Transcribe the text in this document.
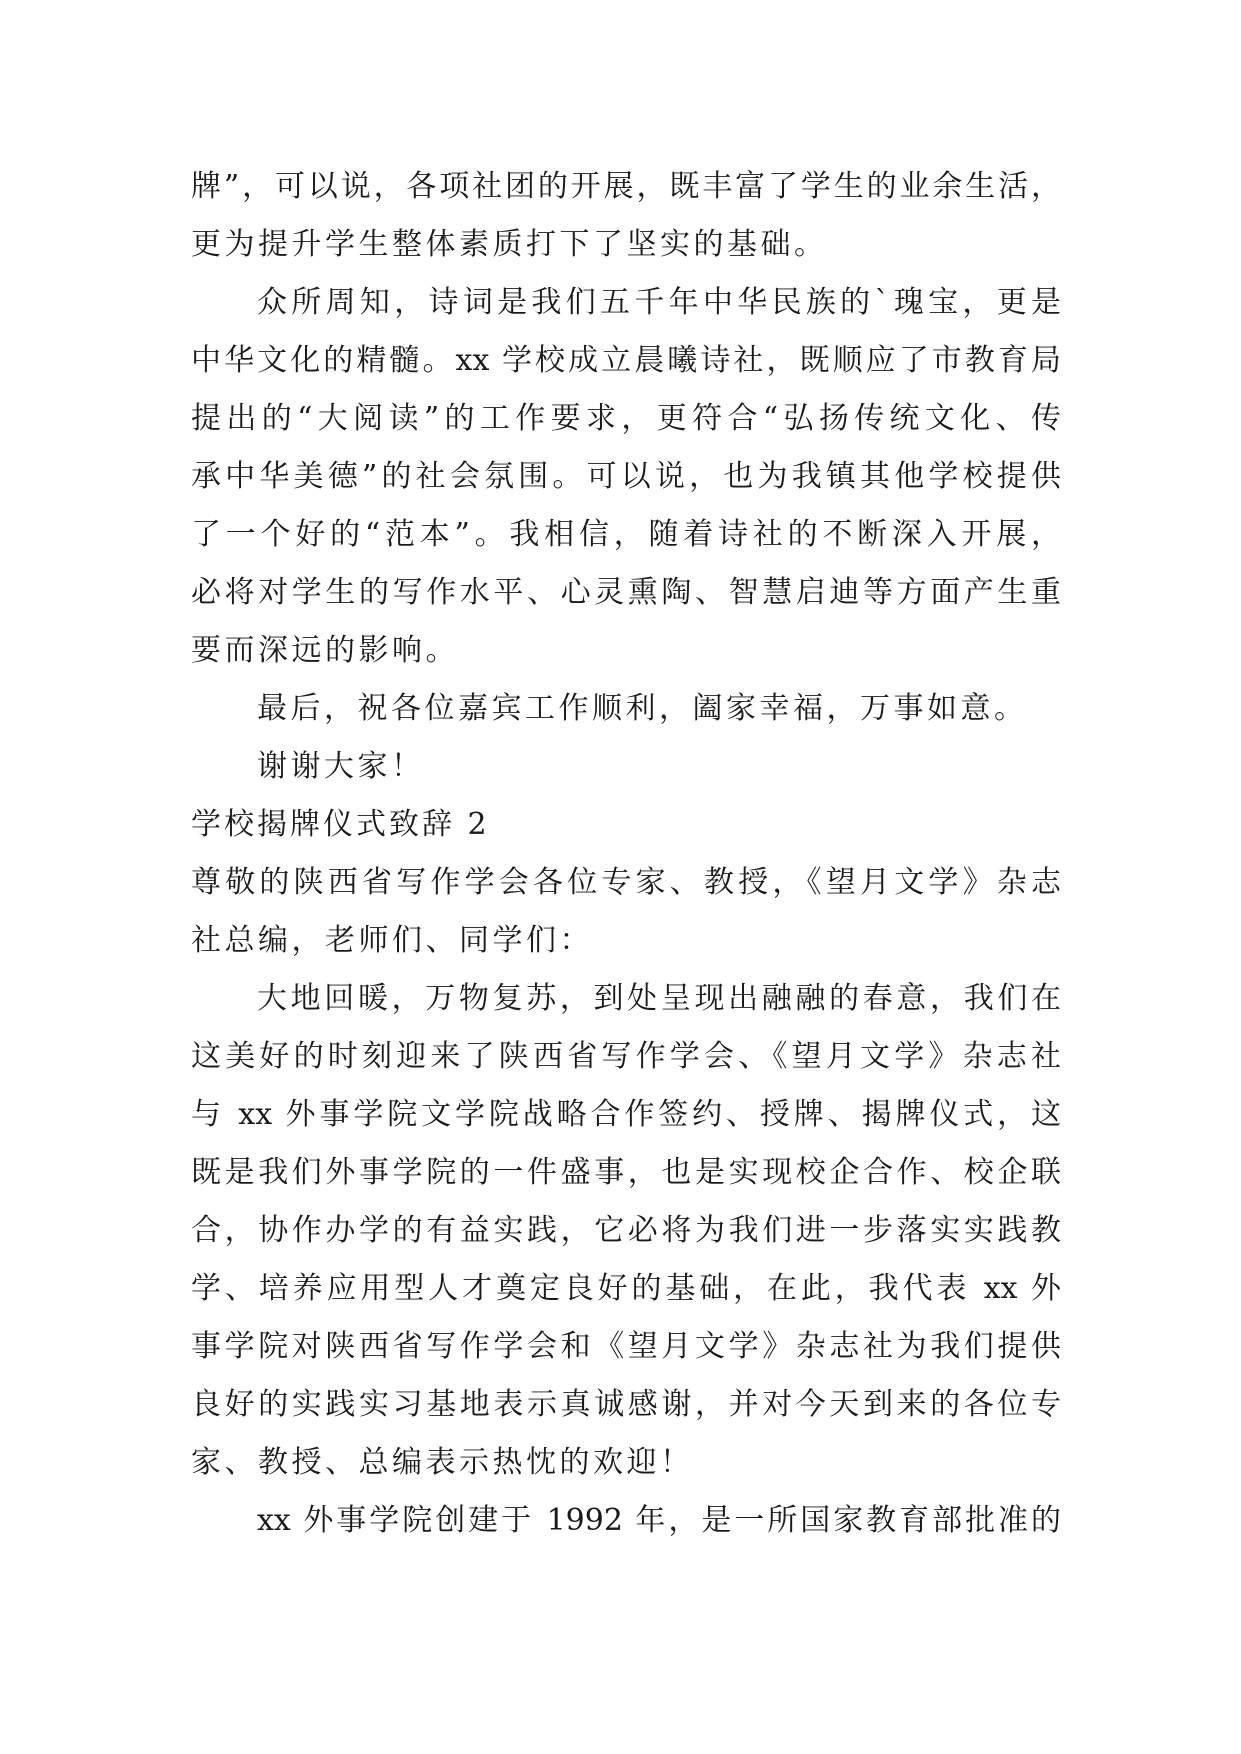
牌”，可以说，各项社团的开展，既丰富了学生的业余生活，
更为提升学生整体素质打下了坚实的基础。
众所周知，诗词是我们五千年中华民族的`瑰宝，更是
中华文化的精髓。xx 学校成立晨曦诗社，既顺应了市教育局
提出的“大阅读”的工作要求，更符合“弘扬传统文化、传
承中华美德”的社会氛围。可以说，也为我镇其他学校提供
了一个好的“范本”。我相信，随着诗社的不断深入开展，
必将对学生的写作水平、心灵熏陶、智慧启迪等方面产生重
要而深远的影响。
最后，祝各位嘉宾工作顺利，阖家幸福，万事如意。
谢谢大家！
学校揭牌仪式致辞 2
尊敬的陕西省写作学会各位专家、教授，《望月文学》杂志
社总编，老师们、同学们：
大地回暖，万物复苏，到处呈现出融融的春意，我们在
这美好的时刻迎来了陕西省写作学会、《望月文学》杂志社
与 xx 外事学院文学院战略合作签约、授牌、揭牌仪式，这
既是我们外事学院的一件盛事，也是实现校企合作、校企联
合，协作办学的有益实践，它必将为我们进一步落实实践教
学、培养应用型人才奠定良好的基础，在此，我代表 xx 外
事学院对陕西省写作学会和《望月文学》杂志社为我们提供
良好的实践实习基地表示真诚感谢，并对今天到来的各位专
家、教授、总编表示热忱的欢迎！
xx 外事学院创建于 1992 年，是一所国家教育部批准的
